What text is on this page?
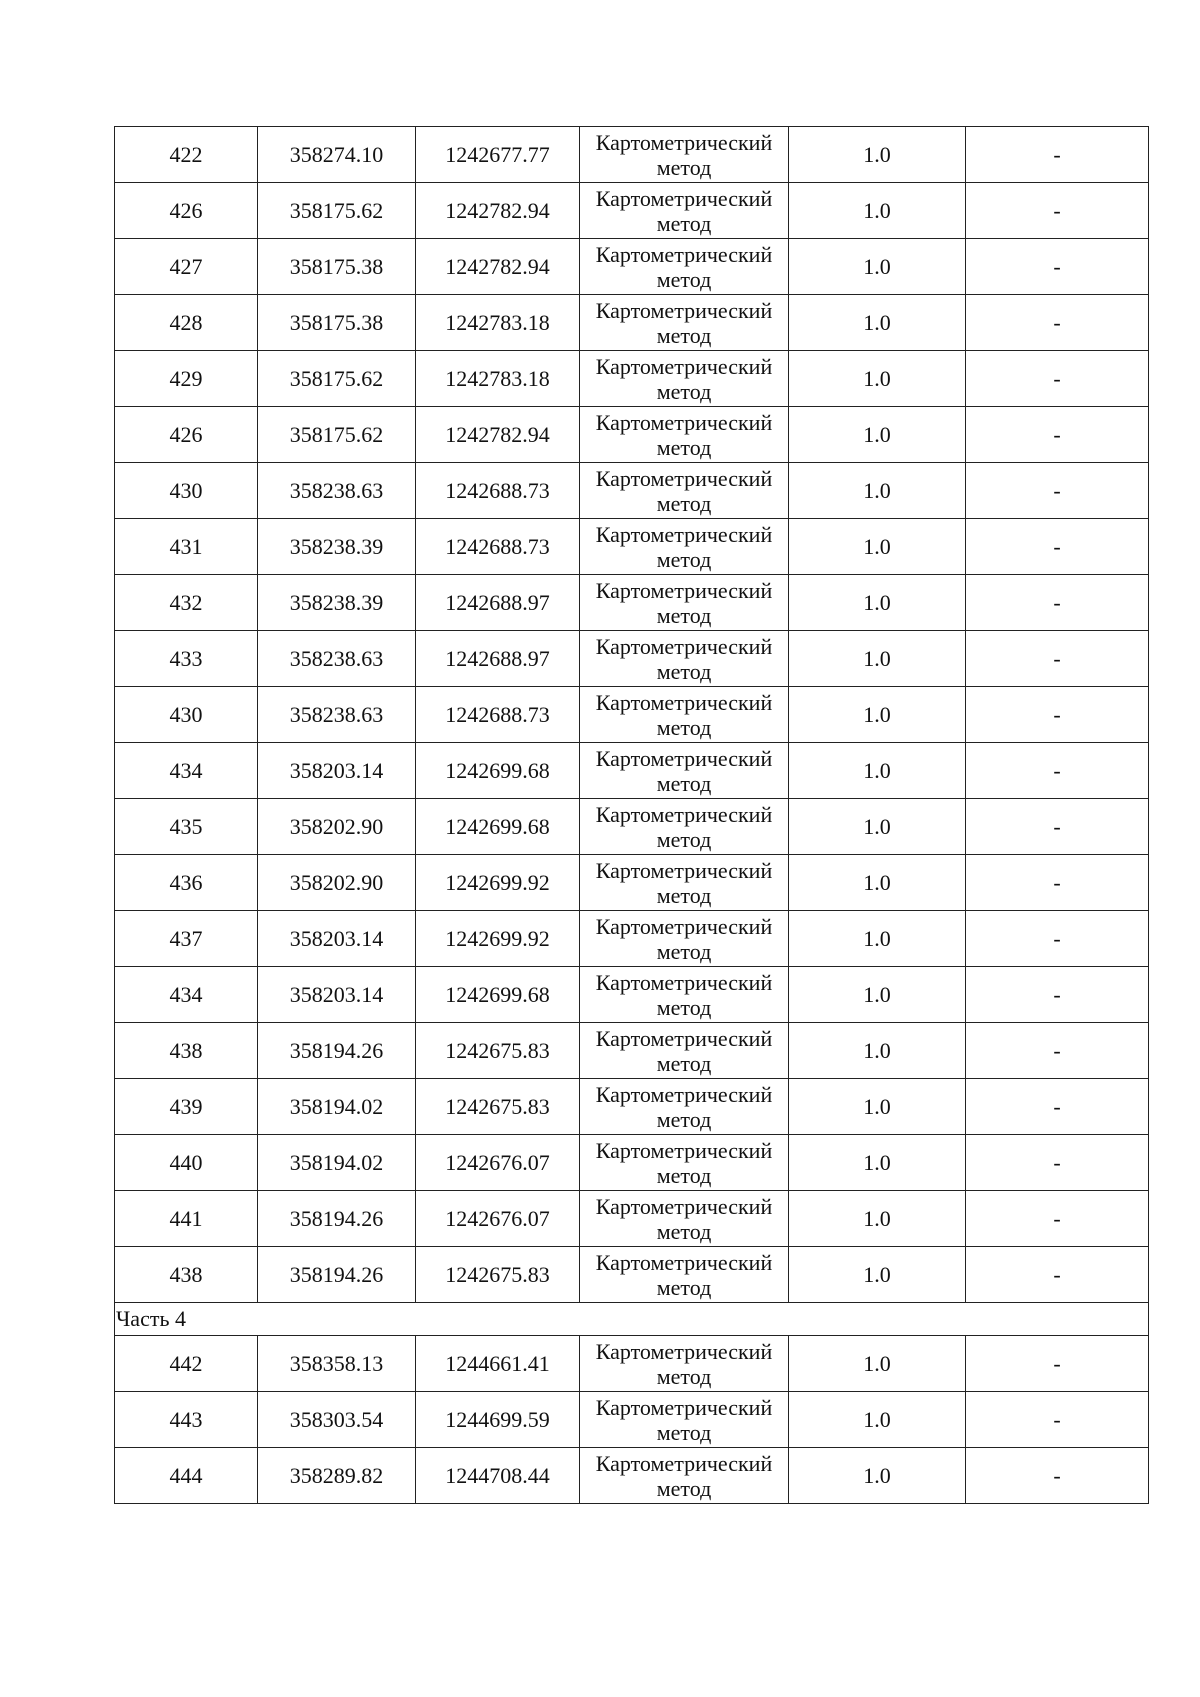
422	358274.10	1242677.77	Картометрический
метод	1.0	-
426	358175.62	1242782.94	Картометрический
метод	1.0	-
427	358175.38	1242782.94	Картометрический
метод	1.0	-
428	358175.38	1242783.18	Картометрический
метод	1.0	-
429	358175.62	1242783.18	Картометрический
метод	1.0	-
426	358175.62	1242782.94	Картометрический
метод	1.0	-
430	358238.63	1242688.73	Картометрический
метод	1.0	-
431	358238.39	1242688.73	Картометрический
метод	1.0	-
432	358238.39	1242688.97	Картометрический
метод	1.0	-
433	358238.63	1242688.97	Картометрический
метод	1.0	-
430	358238.63	1242688.73	Картометрический
метод	1.0	-
434	358203.14	1242699.68	Картометрический
метод	1.0	-
435	358202.90	1242699.68	Картометрический
метод	1.0	-
436	358202.90	1242699.92	Картометрический
метод	1.0	-
437	358203.14	1242699.92	Картометрический
метод	1.0	-
434	358203.14	1242699.68	Картометрический
метод	1.0	-
438	358194.26	1242675.83	Картометрический
метод	1.0	-
439	358194.02	1242675.83	Картометрический
метод	1.0	-
440	358194.02	1242676.07	Картометрический
метод	1.0	-
441	358194.26	1242676.07	Картометрический
метод	1.0	-
438	358194.26	1242675.83	Картометрический
метод	1.0	-
Часть 4					
442	358358.13	1244661.41	Картометрический
метод	1.0	-
443	358303.54	1244699.59	Картометрический
метод	1.0	-
444	358289.82	1244708.44	Картометрический
метод	1.0	-
